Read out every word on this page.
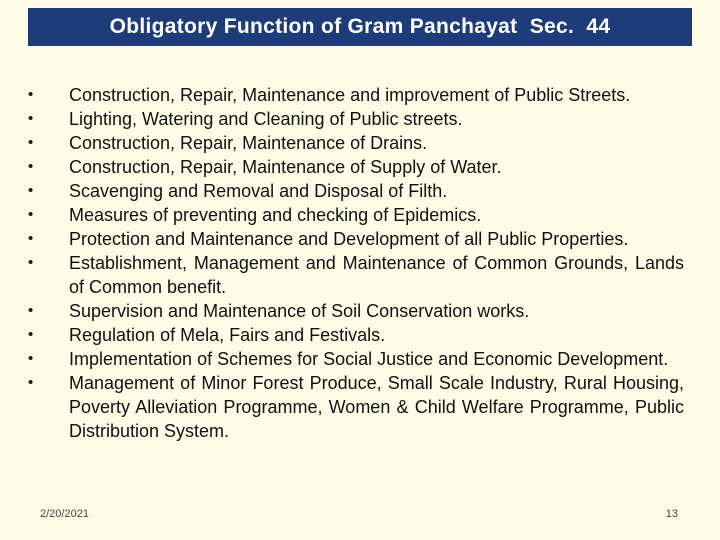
Obligatory Function of Gram Panchayat  Sec.  44
•	Construction, Repair, Maintenance and improvement of Public Streets.
•	Lighting, Watering and Cleaning of Public streets.
•	Construction, Repair, Maintenance of Drains.
•	Construction, Repair, Maintenance of Supply of Water.
•	Scavenging and Removal and Disposal of Filth.
•	Measures of preventing and checking of Epidemics.
•	Protection and Maintenance and Development of all Public Properties.
•	Establishment, Management and Maintenance of Common Grounds, Lands of Common benefit.
•	Supervision and Maintenance of Soil Conservation works.
•	Regulation of Mela, Fairs and Festivals.
•	Implementation of Schemes for Social Justice and Economic Development.
•	Management of Minor Forest Produce, Small Scale Industry, Rural Housing, Poverty Alleviation Programme, Women & Child Welfare Programme, Public Distribution System.
2/20/2021	13
